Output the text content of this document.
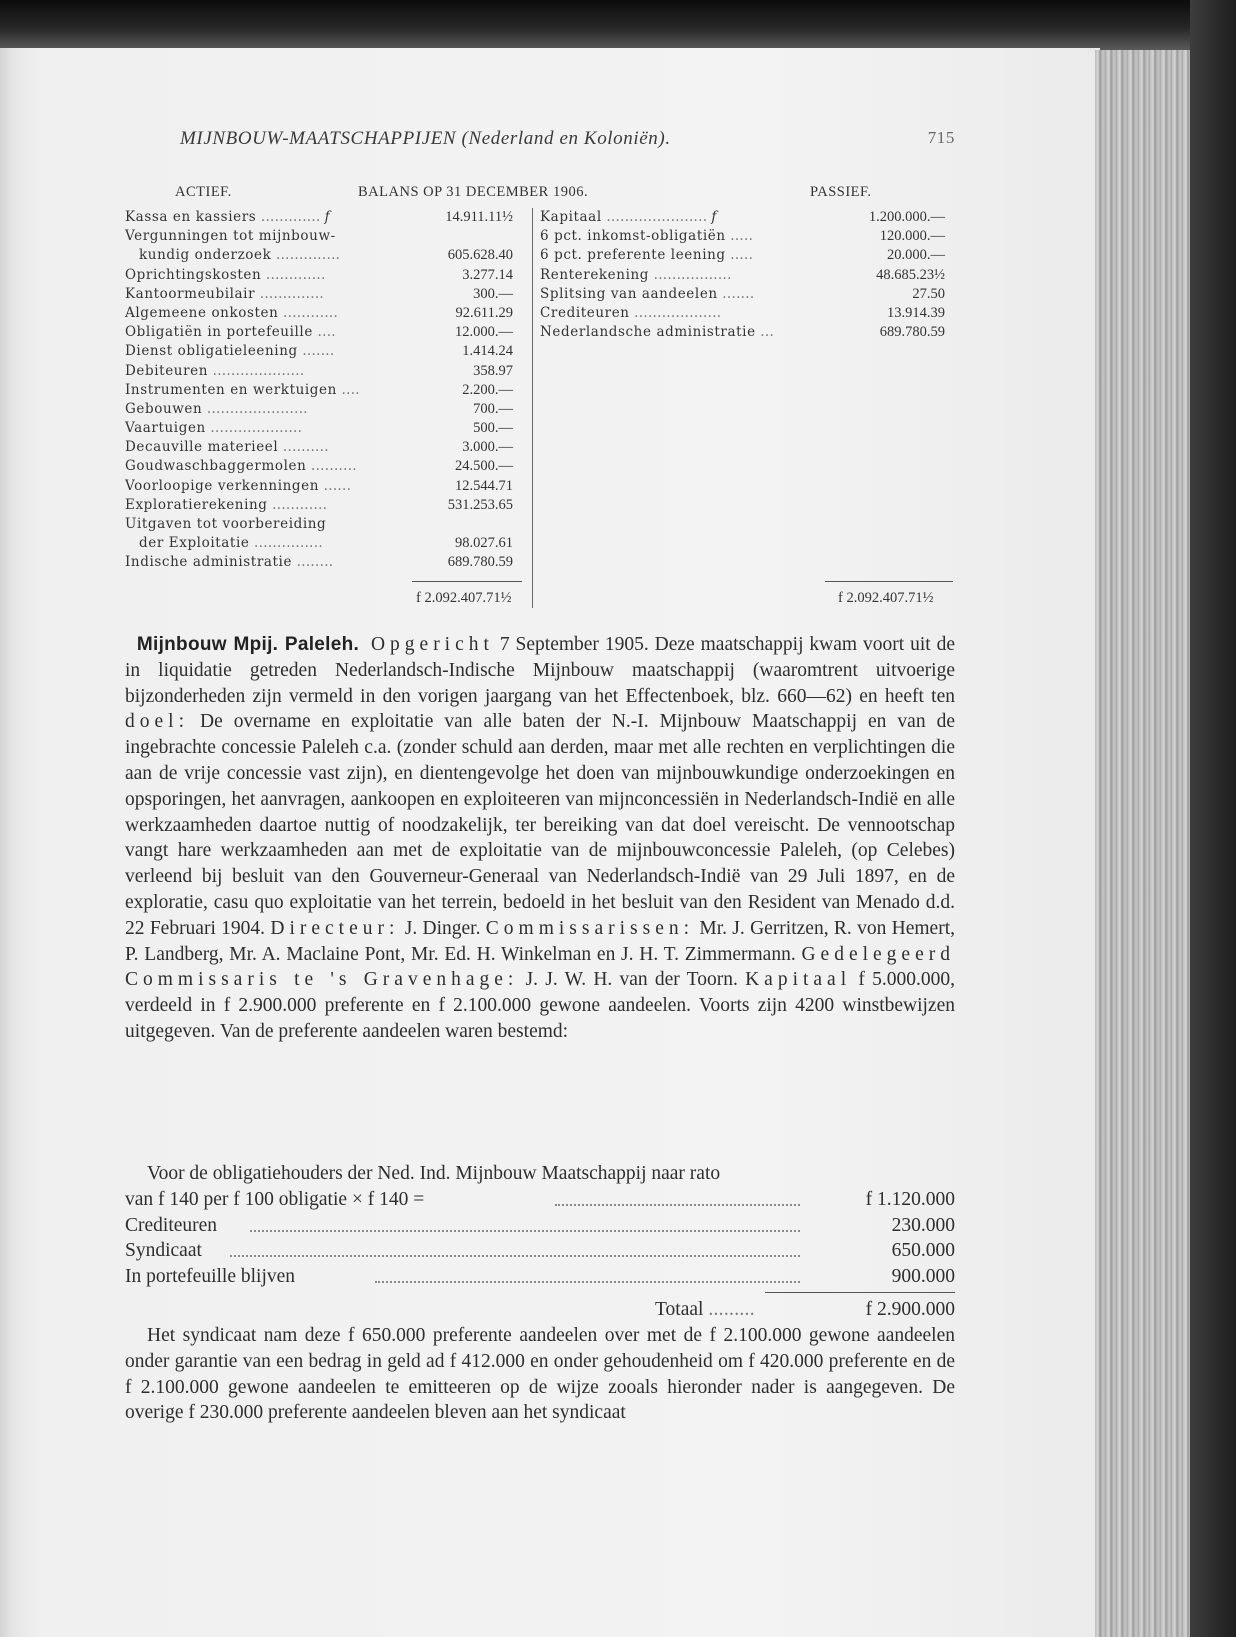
MIJNBOUW-MAATSCHAPPIJEN (Nederland en Koloniën).	715
ACTIEF.	BALANS OP 31 DECEMBER 1906.	PASSIEF.
Kassa en kassiers ............. f	14.911.11½
Vergunningen tot mijnbouw-
kundig onderzoek ..............	605.628.40
Oprichtingskosten .............	3.277.14
Kantoormeubilair ..............	300.—
Algemeene onkosten ............	92.611.29
Obligatiën in portefeuille ....	12.000.—
Dienst obligatieleening .......	1.414.24
Debiteuren ....................	358.97
Instrumenten en werktuigen ....	2.200.—
Gebouwen ......................	700.—
Vaartuigen ....................	500.—
Decauville materieel ..........	3.000.—
Goudwaschbaggermolen ..........	24.500.—
Voorloopige verkenningen ......	12.544.71
Exploratierekening ............	531.253.65
Uitgaven tot voorbereiding
der Exploitatie ...............	98.027.61
Indische administratie ........	689.780.59
Kapitaal ...................... f	1.200.000.—
6 pct. inkomst-obligatiën .....	120.000.—
6 pct. preferente leening .....	20.000.—
Renterekening .................	48.685.23½
Splitsing van aandeelen .......	27.50
Crediteuren ...................	13.914.39
Nederlandsche administratie ...	689.780.59
f 2.092.407.71½	f 2.092.407.71½

Mijnbouw Mpij. Paleleh. Opgericht 7 September 1905. Deze maatschappij kwam voort uit de in liquidatie getreden Nederlandsch-Indische Mijnbouw maatschappij (waaromtrent uitvoerige bijzonderheden zijn vermeld in den vorigen jaargang van het Effectenboek, blz. 660—62) en heeft ten doel: De overname en exploitatie van alle baten der N.-I. Mijnbouw Maatschappij en van de ingebrachte concessie Paleleh c.a. (zonder schuld aan derden, maar met alle rechten en verplichtingen die aan de vrije concessie vast zijn), en dientengevolge het doen van mijnbouwkundige onderzoekingen en opsporingen, het aanvragen, aankoopen en exploiteeren van mijnconcessiën in Nederlandsch-Indië en alle werkzaamheden daartoe nuttig of noodzakelijk, ter bereiking van dat doel vereischt. De vennootschap vangt hare werkzaamheden aan met de exploitatie van de mijnbouwconcessie Paleleh, (op Celebes) verleend bij besluit van den Gouverneur-Generaal van Nederlandsch-Indië van 29 Juli 1897, en de exploratie, casu quo exploitatie van het terrein, bedoeld in het besluit van den Resident van Menado d.d. 22 Februari 1904. Directeur: J. Dinger. Commissarissen: Mr. J. Gerritzen, R. von Hemert, P. Landberg, Mr. A. Maclaine Pont, Mr. Ed. H. Winkelman en J. H. T. Zimmermann. Gedelegeerd Commissaris te 's Gravenhage: J. J. W. H. van der Toorn. Kapitaal f 5.000.000, verdeeld in f 2.900.000 preferente en f 2.100.000 gewone aandeelen. Voorts zijn 4200 winstbewijzen uitgegeven. Van de preferente aandeelen waren bestemd:

Voor de obligatiehouders der Ned. Ind. Mijnbouw Maatschappij naar rato
van f 140 per f 100 obligatie × f 140 =	f 1.120.000
Crediteuren	230.000
Syndicaat	650.000
In portefeuille blijven	900.000
Totaal .........	f 2.900.000

Het syndicaat nam deze f 650.000 preferente aandeelen over met de f 2.100.000 gewone aandeelen onder garantie van een bedrag in geld ad f 412.000 en onder gehoudenheid om f 420.000 preferente en de f 2.100.000 gewone aandeelen te emitteeren op de wijze zooals hieronder nader is aangegeven. De overige f 230.000 preferente aandeelen bleven aan het syndicaat
